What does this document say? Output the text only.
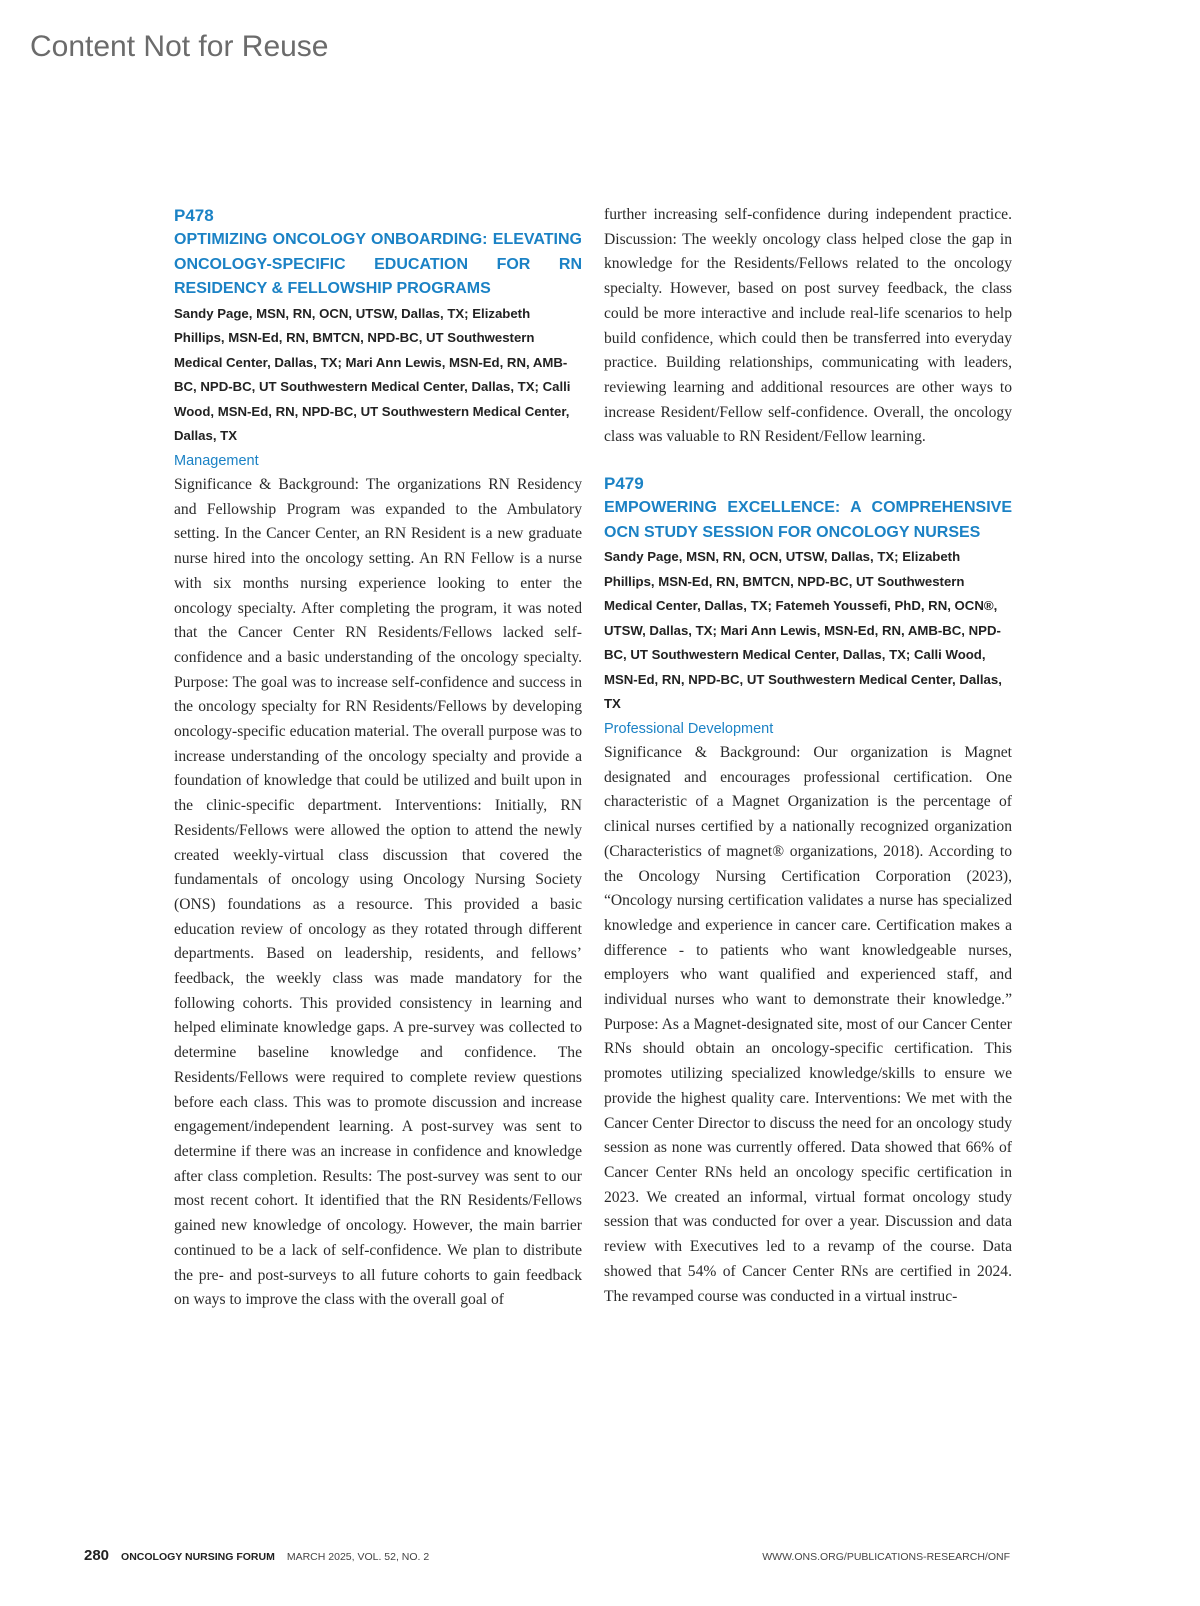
Content Not for Reuse
P478

OPTIMIZING ONCOLOGY ONBOARDING: ELEVATING ONCOLOGY-SPECIFIC EDUCATION FOR RN RESIDENCY & FELLOWSHIP PROGRAMS

Sandy Page, MSN, RN, OCN, UTSW, Dallas, TX; Elizabeth Phillips, MSN-Ed, RN, BMTCN, NPD-BC, UT Southwestern Medical Center, Dallas, TX; Mari Ann Lewis, MSN-Ed, RN, AMB-BC, NPD-BC, UT Southwestern Medical Center, Dallas, TX; Calli Wood, MSN-Ed, RN, NPD-BC, UT Southwestern Medical Center, Dallas, TX

Management

Significance & Background: The organizations RN Residency and Fellowship Program was expanded to the Ambulatory setting. In the Cancer Center, an RN Resident is a new graduate nurse hired into the oncology setting. An RN Fellow is a nurse with six months nursing experience looking to enter the oncology specialty. After completing the program, it was noted that the Cancer Center RN Residents/Fellows lacked self-confidence and a basic understanding of the oncology specialty. Purpose: The goal was to increase self-confidence and success in the oncology specialty for RN Residents/Fellows by developing oncology-specific education material. The overall purpose was to increase understanding of the oncology specialty and provide a foundation of knowledge that could be utilized and built upon in the clinic-specific department. Interventions: Initially, RN Residents/Fellows were allowed the option to attend the newly created weekly-virtual class discussion that covered the fundamentals of oncology using Oncology Nursing Society (ONS) foundations as a resource. This provided a basic education review of oncology as they rotated through different departments. Based on leadership, residents, and fellows’ feedback, the weekly class was made mandatory for the following cohorts. This provided consistency in learning and helped eliminate knowledge gaps. A pre-survey was collected to determine baseline knowledge and confidence. The Residents/Fellows were required to complete review questions before each class. This was to promote discussion and increase engagement/independent learning. A post-survey was sent to determine if there was an increase in confidence and knowledge after class completion. Results: The post-survey was sent to our most recent cohort. It identified that the RN Residents/Fellows gained new knowledge of oncology. However, the main barrier continued to be a lack of self-confidence. We plan to distribute the pre- and post-surveys to all future cohorts to gain feedback on ways to improve the class with the overall goal of

further increasing self-confidence during independent practice. Discussion: The weekly oncology class helped close the gap in knowledge for the Residents/Fellows related to the oncology specialty. However, based on post survey feedback, the class could be more interactive and include real-life scenarios to help build confidence, which could then be transferred into everyday practice. Building relationships, communicating with leaders, reviewing learning and additional resources are other ways to increase Resident/Fellow self-confidence. Overall, the oncology class was valuable to RN Resident/Fellow learning.

P479

EMPOWERING EXCELLENCE: A COMPREHENSIVE OCN STUDY SESSION FOR ONCOLOGY NURSES

Sandy Page, MSN, RN, OCN, UTSW, Dallas, TX; Elizabeth Phillips, MSN-Ed, RN, BMTCN, NPD-BC, UT Southwestern Medical Center, Dallas, TX; Fatemeh Youssefi, PhD, RN, OCN®, UTSW, Dallas, TX; Mari Ann Lewis, MSN-Ed, RN, AMB-BC, NPD-BC, UT Southwestern Medical Center, Dallas, TX; Calli Wood, MSN-Ed, RN, NPD-BC, UT Southwestern Medical Center, Dallas, TX

Professional Development

Significance & Background: Our organization is Magnet designated and encourages professional certification. One characteristic of a Magnet Organization is the percentage of clinical nurses certified by a nationally recognized organization (Characteristics of magnet® organizations, 2018). According to the Oncology Nursing Certification Corporation (2023), “Oncology nursing certification validates a nurse has specialized knowledge and experience in cancer care. Certification makes a difference - to patients who want knowledgeable nurses, employers who want qualified and experienced staff, and individual nurses who want to demonstrate their knowledge.” Purpose: As a Magnet-designated site, most of our Cancer Center RNs should obtain an oncology-specific certification. This promotes utilizing specialized knowledge/skills to ensure we provide the highest quality care. Interventions: We met with the Cancer Center Director to discuss the need for an oncology study session as none was currently offered. Data showed that 66% of Cancer Center RNs held an oncology specific certification in 2023. We created an informal, virtual format oncology study session that was conducted for over a year. Discussion and data review with Executives led to a revamp of the course. Data showed that 54% of Cancer Center RNs are certified in 2024. The revamped course was conducted in a virtual instruc-

280 ONCOLOGY NURSING FORUM MARCH 2025, VOL. 52, NO. 2	WWW.ONS.ORG/PUBLICATIONS-RESEARCH/ONF
